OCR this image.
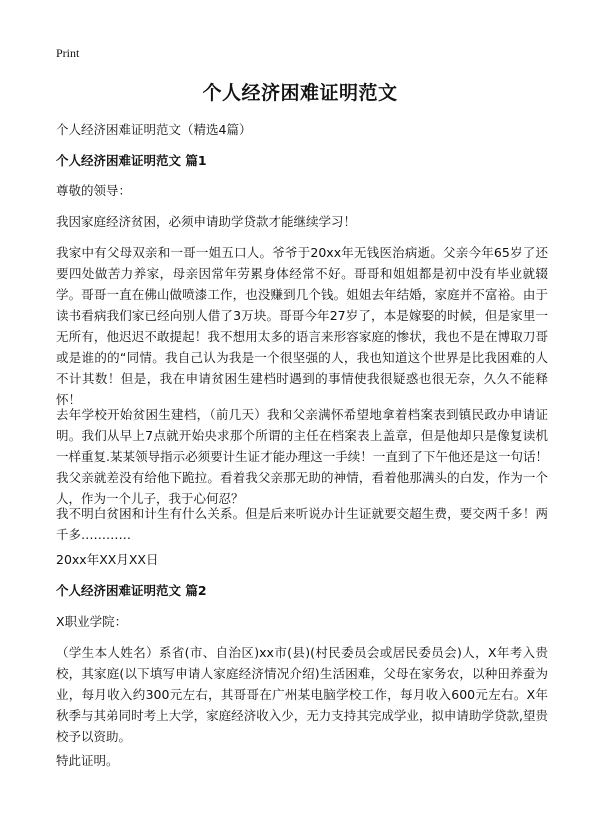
Print
个人经济困难证明范文

个人经济困难证明范文（精选4篇）

个人经济困难证明范文 篇1

尊敬的领导：

我因家庭经济贫困，必须申请助学贷款才能继续学习！

我家中有父母双亲和一哥一姐五口人。爷爷于20xx年无钱医治病逝。父亲今年65岁了还要四处做苦力养家，母亲因常年劳累身体经常不好。哥哥和姐姐都是初中没有毕业就辍学。哥哥一直在佛山做喷漆工作，也没赚到几个钱。姐姐去年结婚，家庭并不富裕。由于读书看病我们家已经向别人借了3万块。哥哥今年27岁了，本是嫁娶的时候，但是家里一无所有，他迟迟不敢提起！我不想用太多的语言来形容家庭的惨状，我也不是在博取刀哥或是谁的的“同情。我自己认为我是一个很坚强的人，我也知道这个世界是比我困难的人不计其数！但是，我在申请贫困生建档时遇到的事情使我很疑惑也很无奈，久久不能释怀！

去年学校开始贫困生建档，（前几天）我和父亲满怀希望地拿着档案表到镇民政办申请证明。我们从早上7点就开始央求那个所谓的主任在档案表上盖章，但是他却只是像复读机一样重复.某某领导指示必须要计生证才能办理这一手续！一直到了下午他还是这一句话！我父亲就差没有给他下跪拉。看着我父亲那无助的神情，看着他那满头的白发，作为一个人，作为一个儿子，我于心何忍？

我不明白贫困和计生有什么关系。但是后来听说办计生证就要交超生费，要交两千多！两千多…………

20xx年XX月XX日

个人经济困难证明范文 篇2

X职业学院：

（学生本人姓名）系省(市、自治区)xx市(县)(村民委员会或居民委员会)人，X年考入贵校，其家庭(以下填写申请人家庭经济情况介绍)生活困难，父母在家务农，以种田养蚕为业，每月收入约300元左右，其哥哥在广州某电脑学校工作，每月收入600元左右。X年秋季与其弟同时考上大学，家庭经济收入少，无力支持其完成学业，拟申请助学贷款,望贵校予以资助。

特此证明。
